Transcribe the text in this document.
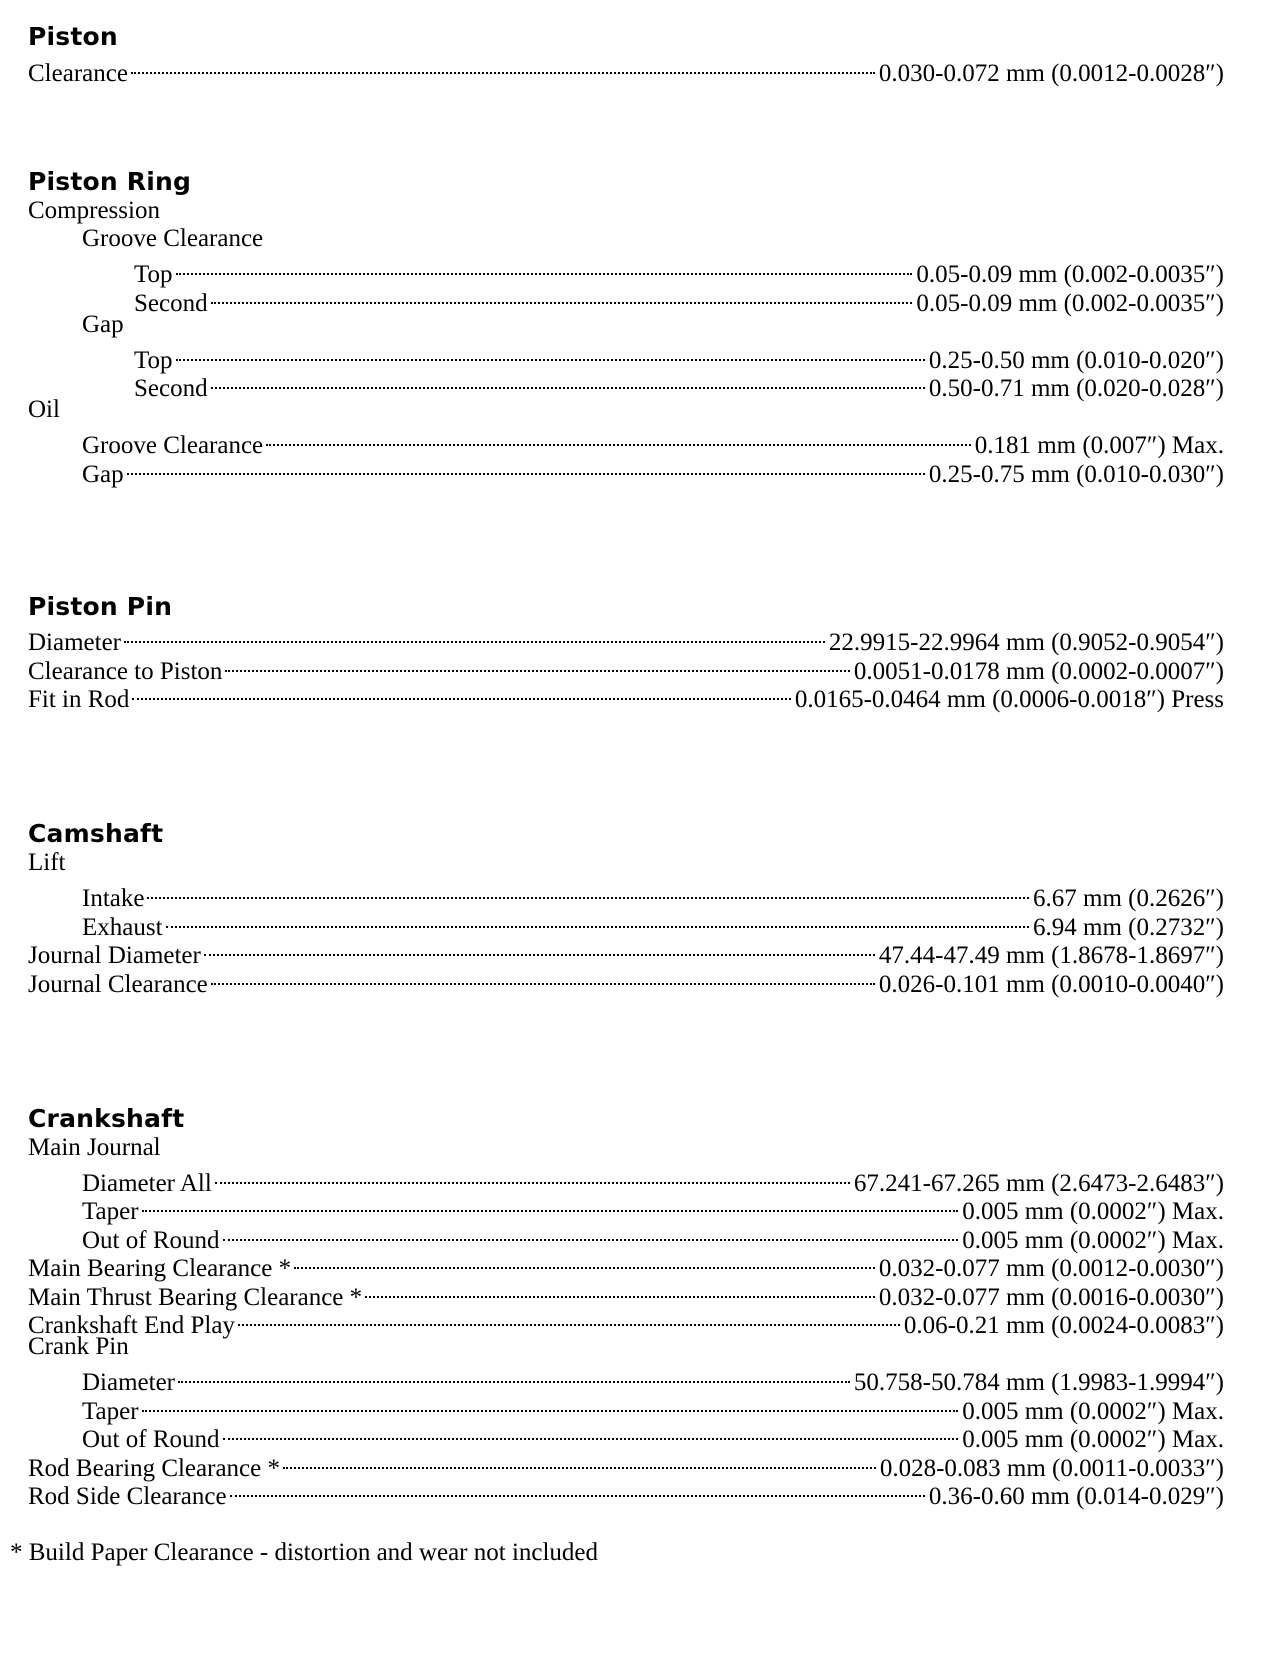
Piston
Clearance	0.030-0.072 mm (0.0012-0.0028″)
Piston Ring
Compression
Groove Clearance
Top	0.05-0.09 mm (0.002-0.0035″)
Second	0.05-0.09 mm (0.002-0.0035″)
Gap
Top	0.25-0.50 mm (0.010-0.020″)
Second	0.50-0.71 mm (0.020-0.028″)
Oil
Groove Clearance	0.181 mm (0.007″) Max.
Gap	0.25-0.75 mm (0.010-0.030″)
Piston Pin
Diameter	22.9915-22.9964 mm (0.9052-0.9054″)
Clearance to Piston	0.0051-0.0178 mm (0.0002-0.0007″)
Fit in Rod	0.0165-0.0464 mm (0.0006-0.0018″) Press
Camshaft
Lift
Intake	6.67 mm (0.2626″)
Exhaust	6.94 mm (0.2732″)
Journal Diameter	47.44-47.49 mm (1.8678-1.8697″)
Journal Clearance	0.026-0.101 mm (0.0010-0.0040″)
Crankshaft
Main Journal
Diameter All	67.241-67.265 mm (2.6473-2.6483″)
Taper	0.005 mm (0.0002″) Max.
Out of Round	0.005 mm (0.0002″) Max.
Main Bearing Clearance *	0.032-0.077 mm (0.0012-0.0030″)
Main Thrust Bearing Clearance *	0.032-0.077 mm (0.0016-0.0030″)
Crankshaft End Play	0.06-0.21 mm (0.0024-0.0083″)
Crank Pin
Diameter	50.758-50.784 mm (1.9983-1.9994″)
Taper	0.005 mm (0.0002″) Max.
Out of Round	0.005 mm (0.0002″) Max.
Rod Bearing Clearance *	0.028-0.083 mm (0.0011-0.0033″)
Rod Side Clearance	0.36-0.60 mm (0.014-0.029″)
* Build Paper Clearance - distortion and wear not included
